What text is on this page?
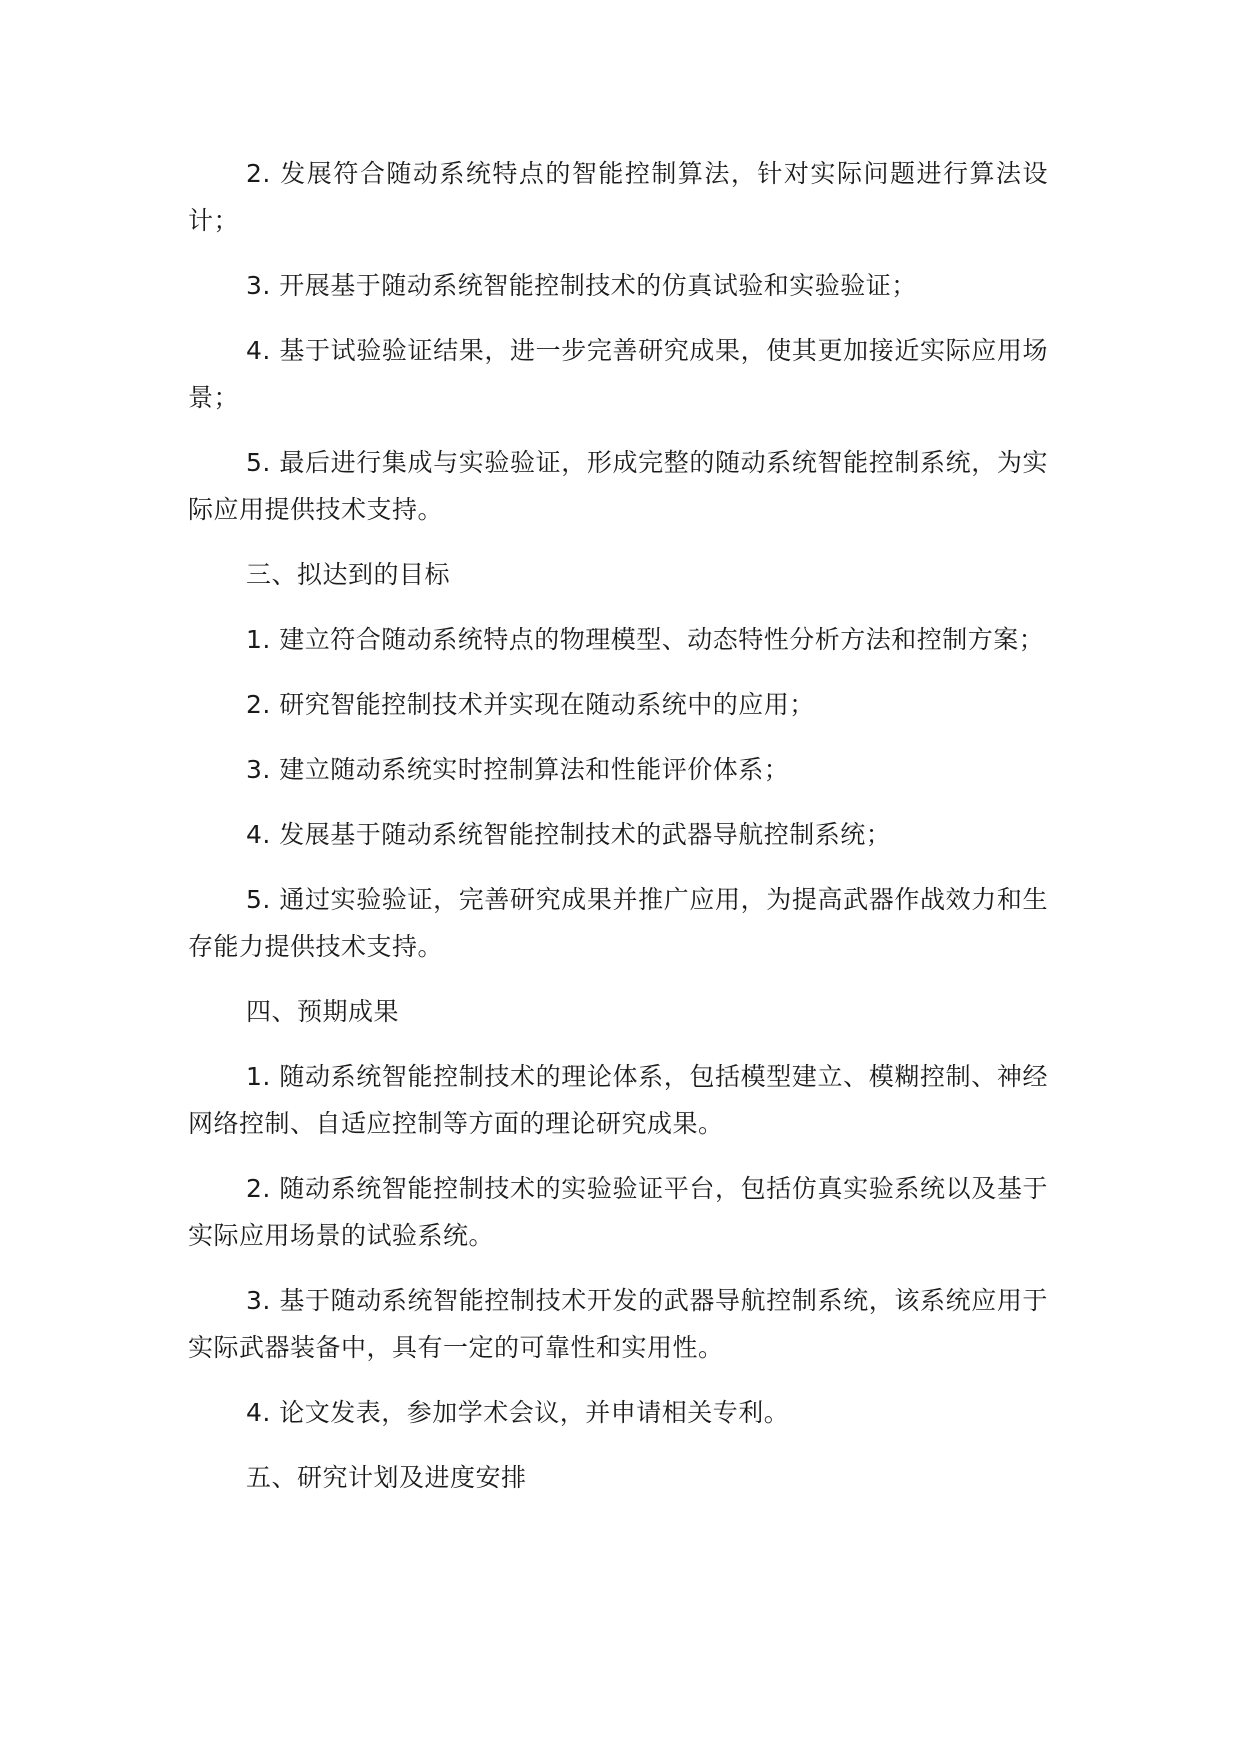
2. 发展符合随动系统特点的智能控制算法，针对实际问题进行算法设计；

3. 开展基于随动系统智能控制技术的仿真试验和实验验证；

4. 基于试验验证结果，进一步完善研究成果，使其更加接近实际应用场景；

5. 最后进行集成与实验验证，形成完整的随动系统智能控制系统，为实际应用提供技术支持。

三、拟达到的目标

1. 建立符合随动系统特点的物理模型、动态特性分析方法和控制方案；

2. 研究智能控制技术并实现在随动系统中的应用；

3. 建立随动系统实时控制算法和性能评价体系；

4. 发展基于随动系统智能控制技术的武器导航控制系统；

5. 通过实验验证，完善研究成果并推广应用，为提高武器作战效力和生存能力提供技术支持。

四、预期成果

1. 随动系统智能控制技术的理论体系，包括模型建立、模糊控制、神经网络控制、自适应控制等方面的理论研究成果。

2. 随动系统智能控制技术的实验验证平台，包括仿真实验系统以及基于实际应用场景的试验系统。

3. 基于随动系统智能控制技术开发的武器导航控制系统，该系统应用于实际武器装备中，具有一定的可靠性和实用性。

4. 论文发表，参加学术会议，并申请相关专利。

五、研究计划及进度安排
